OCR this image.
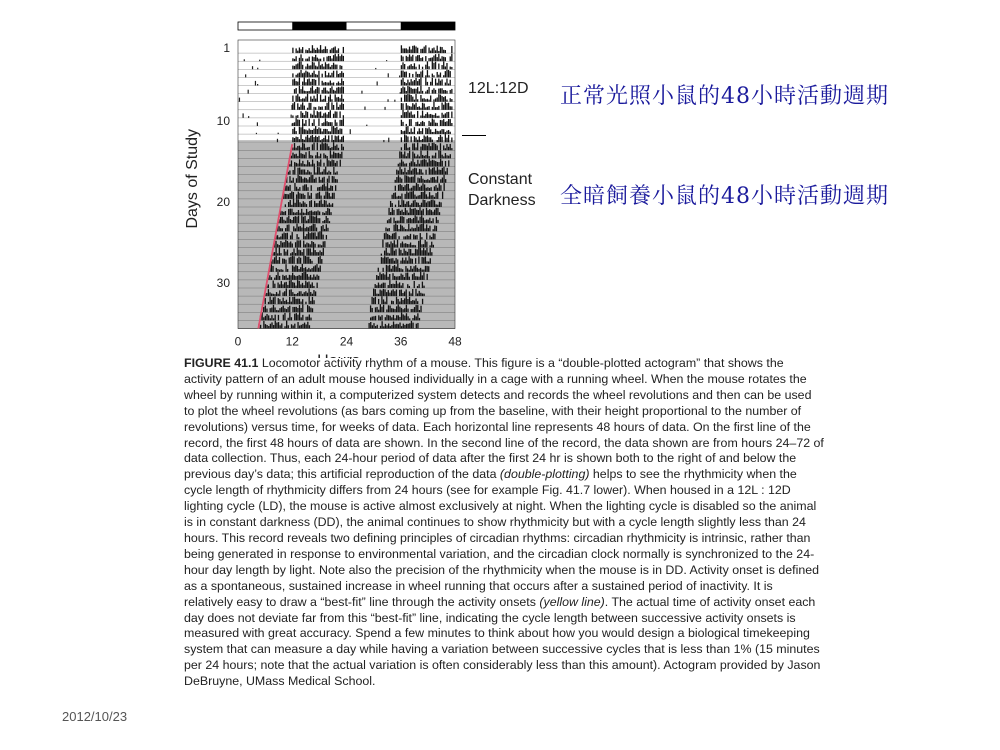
1
10
20
30
0	12	24	36	48
Days of Study
12L:12D
Constant
Darkness
正常光照小鼠的48小時活動週期
全暗飼養小鼠的48小時活動週期
FIGURE 41.1 Locomotor activity rhythm of a mouse. This figure is a “double-plotted actogram” that shows the activity pattern of an adult mouse housed individually in a cage with a running wheel. When the mouse rotates the wheel by running within it, a computerized system detects and records the wheel revolutions and then can be used to plot the wheel revolutions (as bars coming up from the baseline, with their height proportional to the number of revolutions) versus time, for weeks of data. Each horizontal line represents 48 hours of data. On the first line of the record, the first 48 hours of data are shown. In the second line of the record, the data shown are from hours 24–72 of data collection. Thus, each 24-hour period of data after the first 24 hr is shown both to the right of and below the previous day’s data; this artificial reproduction of the data (double-plotting) helps to see the rhythmicity when the cycle length of rhythmicity differs from 24 hours (see for example Fig. 41.7 lower). When housed in a 12L : 12D lighting cycle (LD), the mouse is active almost exclusively at night. When the lighting cycle is disabled so the animal is in constant darkness (DD), the animal continues to show rhythmicity but with a cycle length slightly less than 24 hours. This record reveals two defining principles of circadian rhythms: circadian rhythmicity is intrinsic, rather than being generated in response to environmental variation, and the circadian clock normally is synchronized to the 24-hour day length by light. Note also the precision of the rhythmicity when the mouse is in DD. Activity onset is defined as a spontaneous, sustained increase in wheel running that occurs after a sustained period of inactivity. It is relatively easy to draw a “best-fit” line through the activity onsets (yellow line). The actual time of activity onset each day does not deviate far from this “best-fit” line, indicating the cycle length between successive activity onsets is measured with great accuracy. Spend a few minutes to think about how you would design a biological timekeeping system that can measure a day while having a variation between successive cycles that is less than 1% (15 minutes per 24 hours; note that the actual variation is often considerably less than this amount). Actogram provided by Jason DeBruyne, UMass Medical School.
2012/10/23
